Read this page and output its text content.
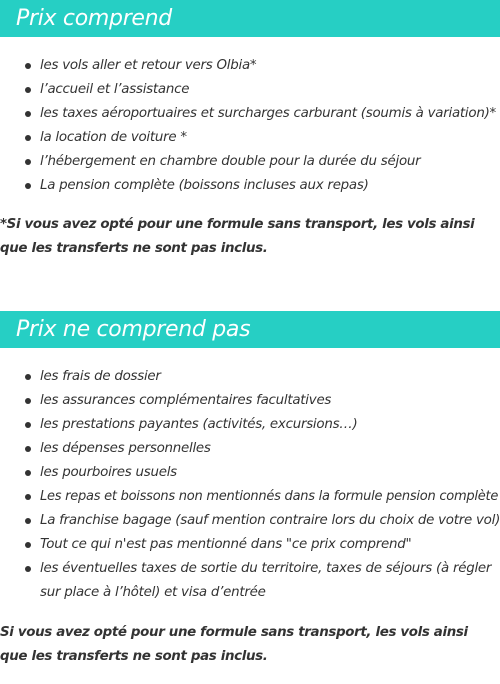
Prix comprend
les vols aller et retour vers Olbia*
l’accueil et l’assistance
les taxes aéroportuaires et surcharges carburant (soumis à variation)*
la location de voiture *
l’hébergement en chambre double pour la durée du séjour
La pension complète (boissons incluses aux repas)

*Si vous avez opté pour une formule sans transport, les vols ainsi que les transferts ne sont pas inclus.

Prix ne comprend pas
les frais de dossier
les assurances complémentaires facultatives
les prestations payantes (activités, excursions…)
les dépenses personnelles
les pourboires usuels
Les repas et boissons non mentionnés dans la formule pension complète
La franchise bagage (sauf mention contraire lors du choix de votre vol)
Tout ce qui n'est pas mentionné dans "ce prix comprend"
les éventuelles taxes de sortie du territoire, taxes de séjours (à régler sur place à l’hôtel) et visa d’entrée

Si vous avez opté pour une formule sans transport, les vols ainsi que les transferts ne sont pas inclus.
